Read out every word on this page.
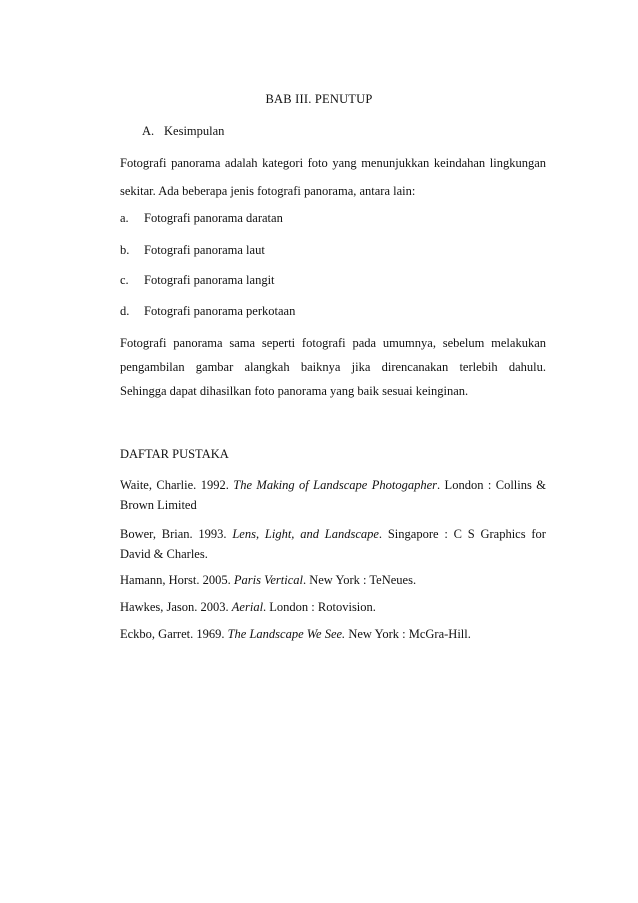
BAB III. PENUTUP

A. Kesimpulan

Fotografi panorama adalah kategori foto yang menunjukkan keindahan lingkungan

sekitar. Ada beberapa jenis fotografi panorama, antara lain:

a. Fotografi panorama daratan

b. Fotografi panorama laut

c. Fotografi panorama langit

d. Fotografi panorama perkotaan

Fotografi panorama sama seperti fotografi pada umumnya, sebelum melakukan

pengambilan gambar alangkah baiknya jika direncanakan terlebih dahulu.

Sehingga dapat dihasilkan foto panorama yang baik sesuai keinginan.

DAFTAR PUSTAKA

Waite, Charlie. 1992. The Making of Landscape Photogapher. London : Collins &
Brown Limited
Bower, Brian. 1993. Lens, Light, and Landscape. Singapore : C S Graphics for
David & Charles.
Hamann, Horst. 2005. Paris Vertical. New York : TeNeues.
Hawkes, Jason. 2003. Aerial. London : Rotovision.
Eckbo, Garret. 1969. The Landscape We See. New York : McGra-Hill.
